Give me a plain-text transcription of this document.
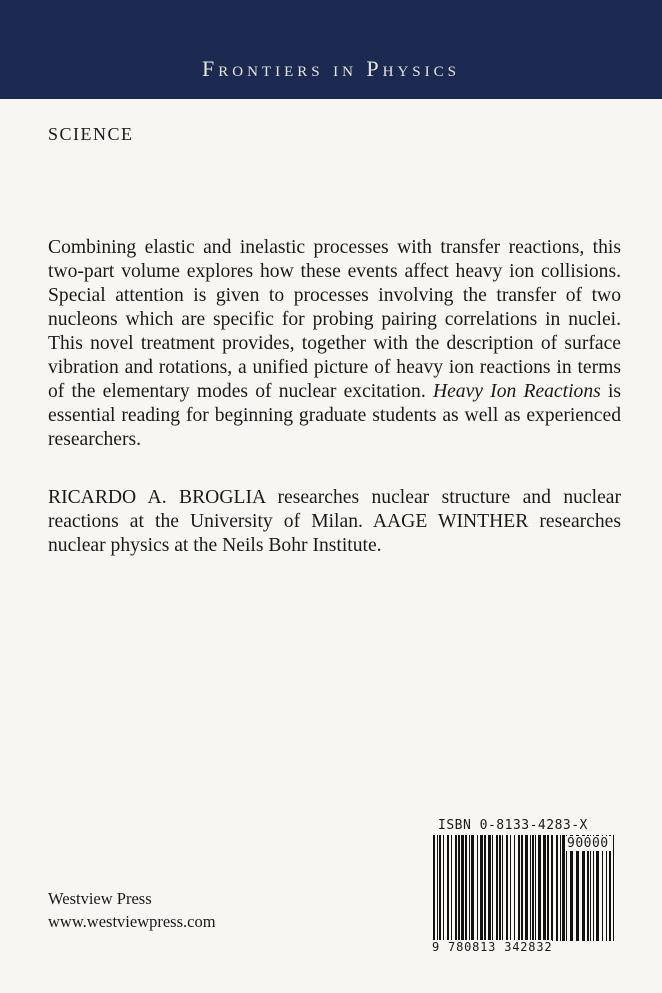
Frontiers in Physics
SCIENCE

Combining elastic and inelastic processes with transfer reactions, this two-part volume explores how these events affect heavy ion collisions. Special attention is given to processes involving the transfer of two nucleons which are specific for probing pairing correlations in nuclei. This novel treatment provides, together with the description of surface vibration and rotations, a unified picture of heavy ion reactions in terms of the elementary modes of nuclear excitation. Heavy Ion Reactions is essential reading for beginning graduate students as well as experienced researchers.

RICARDO A. BROGLIA researches nuclear structure and nuclear reactions at the University of Milan. AAGE WINTHER researches nuclear physics at the Neils Bohr Institute.

Westview Press
www.westviewpress.com
ISBN 0-8133-4283-X
90000
9 780813 342832
